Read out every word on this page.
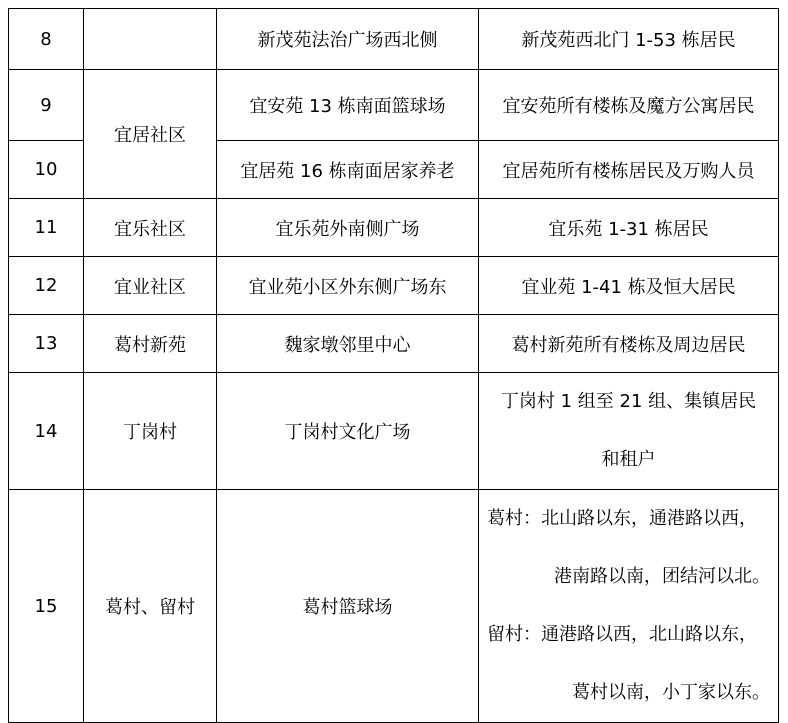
8		新茂苑法治广场西北侧	新茂苑西北门 1-53 栋居民
9	宜居社区	宜安苑 13 栋南面篮球场	宜安苑所有楼栋及魔方公寓居民
10		宜居苑 16 栋南面居家养老	宜居苑所有楼栋居民及万购人员
11	宜乐社区	宜乐苑外南侧广场	宜乐苑 1-31 栋居民
12	宜业社区	宜业苑小区外东侧广场东	宜业苑 1-41 栋及恒大居民
13	葛村新苑	魏家墩邻里中心	葛村新苑所有楼栋及周边居民
14	丁岗村	丁岗村文化广场	丁岗村 1 组至 21 组、集镇居民
和租户

15	葛村、留村	葛村篮球场	葛村：北山路以东，通港路以西，
港南路以南，团结河以北。
留村：通港路以西，北山路以东，
葛村以南，小丁家以东。
